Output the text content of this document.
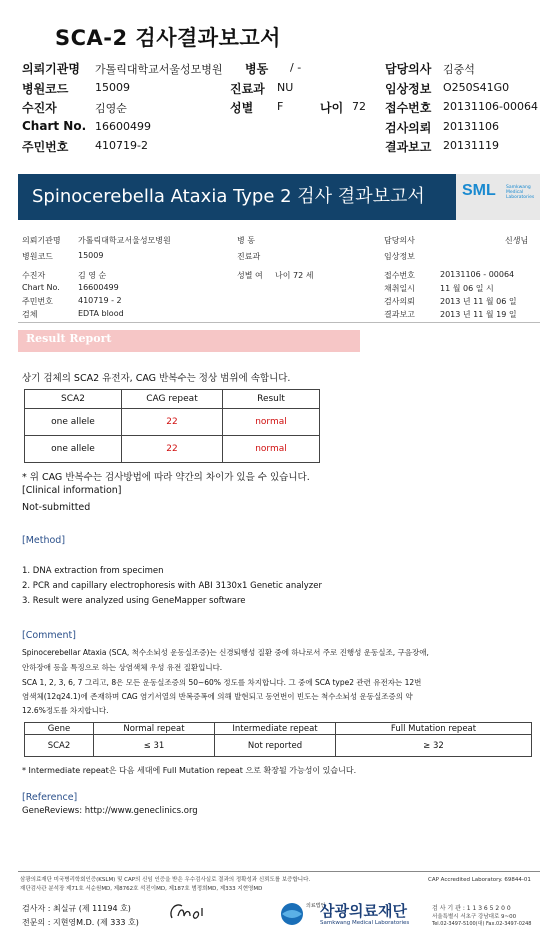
SCA-2 검사결과보고서
의뢰기관명 가톨릭대학교서울성모병원 병동 / -	담당의사 김중석
병원코드 15009	진료과 NU	임상정보 O250S41G0
수진자	김영순	성별 F	나이 72 접수번호 20131106-00064
Chart No. 16600499	검사의뢰 20131106
주민번호 410719-2	결과보고 20131119
Spinocerebella Ataxia Type 2 검사 결과보고서	SML Samkwang
Medical
Laboratories
의뢰기관명 가톨릭대학교서울성모병원
병원코드	15009
수진자	김 영 순
Chart No. 16600499
주민번호	410719 - 2
검체	EDTA blood
병 동
진료과
성별 여 나이 72 세
담당의사	신생님
임상정보
접수번호	20131106 - 00064
채취일시	11 월 06 일 시
검사의뢰	2013 년 11 월 06 일
결과보고	2013 년 11 월 19 일
Result Report
상기 검체의 SCA2 유전자, CAG 반복수는 정상 범위에 속합니다.
SCA2	CAG repeat	Result
one allele	22	normal
one allele	22	normal
* 위 CAG 반복수는 검사방법에 따라 약간의 차이가 있을 수 있습니다.
[Clinical information]
Not-submitted
[Method]
1. DNA extraction from specimen
2. PCR and capillary electrophoresis with ABI 3130x1 Genetic analyzer
3. Result were analyzed using GeneMapper software
[Comment]
Spinocerebellar Ataxia (SCA, 척수소뇌성 운동실조증)는 신경퇴행성 질환 중에 하나로서 주로 진행성 운동실조, 구음장애,
안하장애 등을 특징으로 하는 상염색체 우성 유전 질환입니다.
SCA 1, 2, 3, 6, 7 그리고, 8은 모든 운동실조증의 50~60% 정도를 차지합니다. 그 중에 SCA type2 관련 유전자는 12번
염색체(12q24.1)에 존재하며 CAG 염기서열의 반복증폭에 의해 발현되고 동연번이 빈도는 척수소뇌성 운동실조증의 약
12.6%정도를 차지합니다.
Gene	Normal repeat	Intermediate repeat	Full Mutation repeat
SCA2	≤ 31	Not reported	≥ 32
* Intermediate repeat은 다음 세대에 Full Mutation repeat 으로 확장될 가능성이 있습니다.
[Reference]
GeneReviews: http://www.geneclinics.org
삼광의료재단 미국병리학회인증(KSLM) 및 CAP의 신임 인증을 받은 우수검사실로 결과의 정확성과 신뢰도를 보증합니다.
재단검사관 분석장 제71호 서순원MD, 제8762호 석진이MD, 제187호 범정희MD, 제333 지현영MD
CAP Accredited Laboratory. 69844-01
검사자 : 최실규 (제 11194 호)
전문의 : 지현영M.D. (제 333 호)
의료법인
삼광의료재단
Samkwang Medical Laboratories
검 사 기 관 : 1 1 3 6 5 2 0 0
서울특별시 서초구 강남대로 9~00
Tel.02-3497-5100(대) Fax.02-3497-0248
